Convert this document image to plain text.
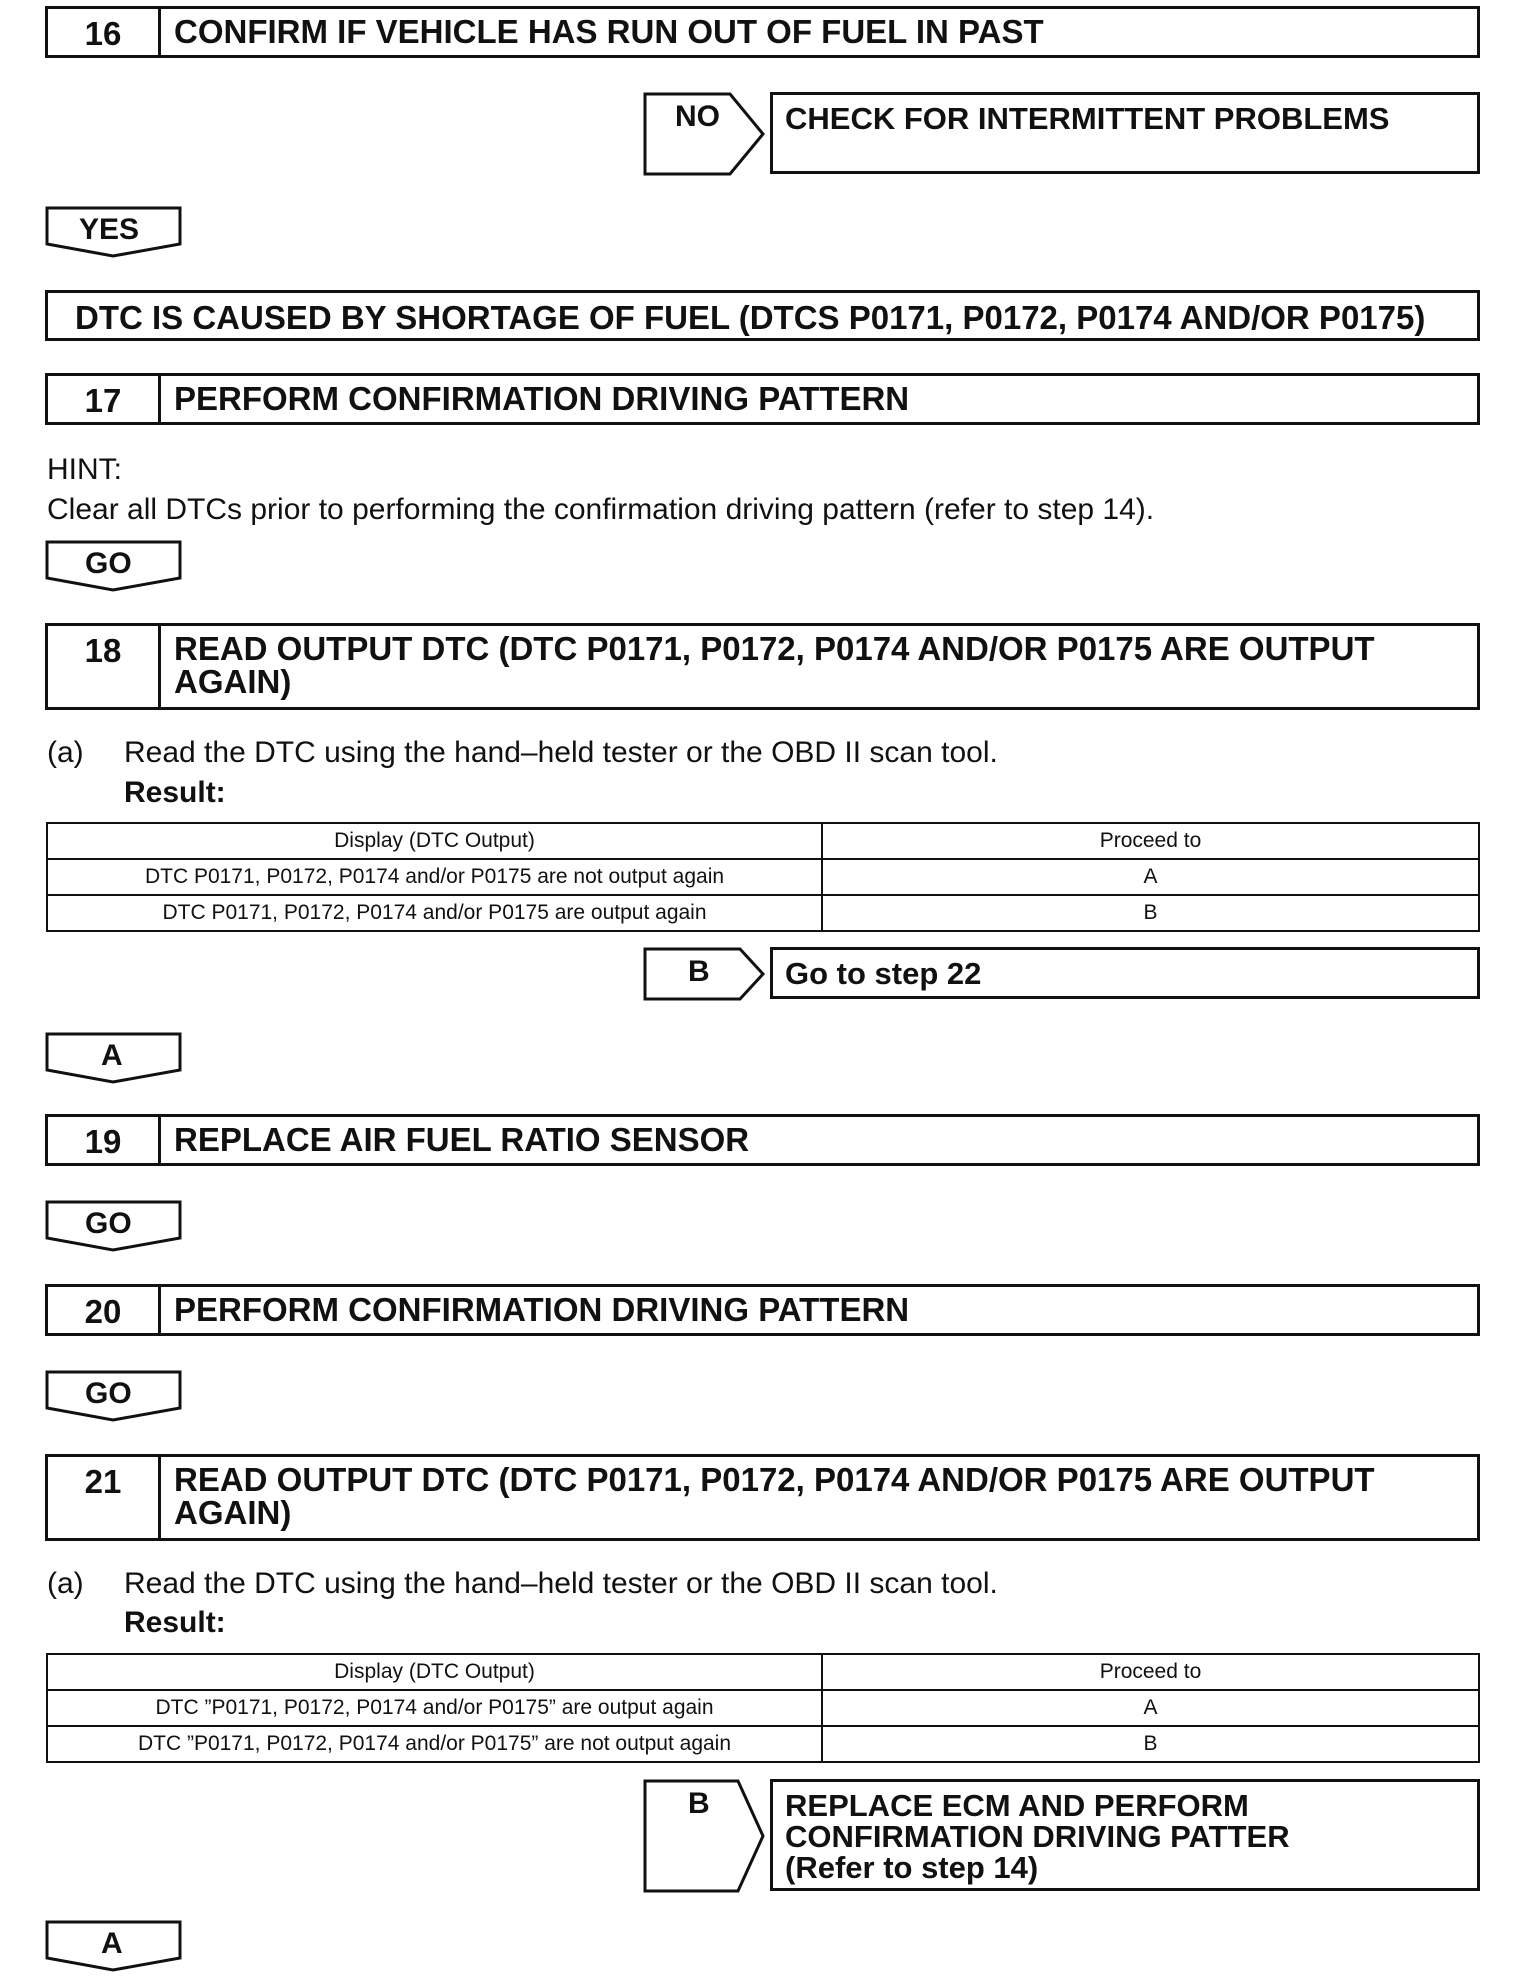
16	CONFIRM IF VEHICLE HAS RUN OUT OF FUEL IN PAST
NO	CHECK FOR INTERMITTENT PROBLEMS
YES
DTC IS CAUSED BY SHORTAGE OF FUEL (DTCS P0171, P0172, P0174 AND/OR P0175)
17	PERFORM CONFIRMATION DRIVING PATTERN
HINT:
Clear all DTCs prior to performing the confirmation driving pattern (refer to step 14).
GO
18	READ OUTPUT DTC (DTC P0171, P0172, P0174 AND/OR P0175 ARE OUTPUT AGAIN)
(a) Read the DTC using the hand–held tester or the OBD II scan tool.
Result:
Display (DTC Output)	Proceed to
DTC P0171, P0172, P0174 and/or P0175 are not output again	A
DTC P0171, P0172, P0174 and/or P0175 are output again	B
B	Go to step 22
A
19	REPLACE AIR FUEL RATIO SENSOR
GO
20	PERFORM CONFIRMATION DRIVING PATTERN
GO
21	READ OUTPUT DTC (DTC P0171, P0172, P0174 AND/OR P0175 ARE OUTPUT AGAIN)
(a) Read the DTC using the hand–held tester or the OBD II scan tool.
Result:
Display (DTC Output)	Proceed to
DTC ”P0171, P0172, P0174 and/or P0175” are output again	A
DTC ”P0171, P0172, P0174 and/or P0175” are not output again	B
B REPLACE ECM AND PERFORM
CONFIRMATION DRIVING PATTER
(Refer to step 14)
A
